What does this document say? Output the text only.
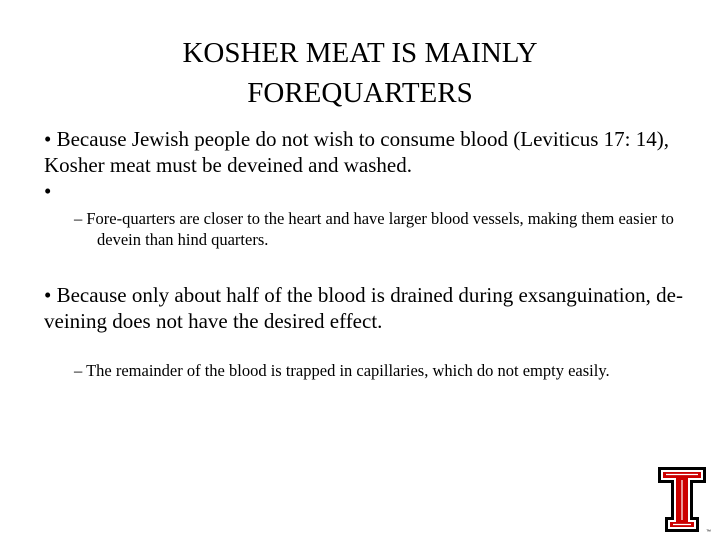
KOSHER MEAT IS MAINLY
FOREQUARTERS
• Because Jewish people do not wish to consume blood (Leviticus 17: 14), Kosher meat must be deveined and washed.
•
– Fore-quarters are closer to the heart and have larger blood vessels, making them easier to devein than hind quarters.
• Because only about half of the blood is drained during exsanguination, de-veining does not have the desired effect.
– The remainder of the blood is trapped in capillaries, which do not empty easily.
™
